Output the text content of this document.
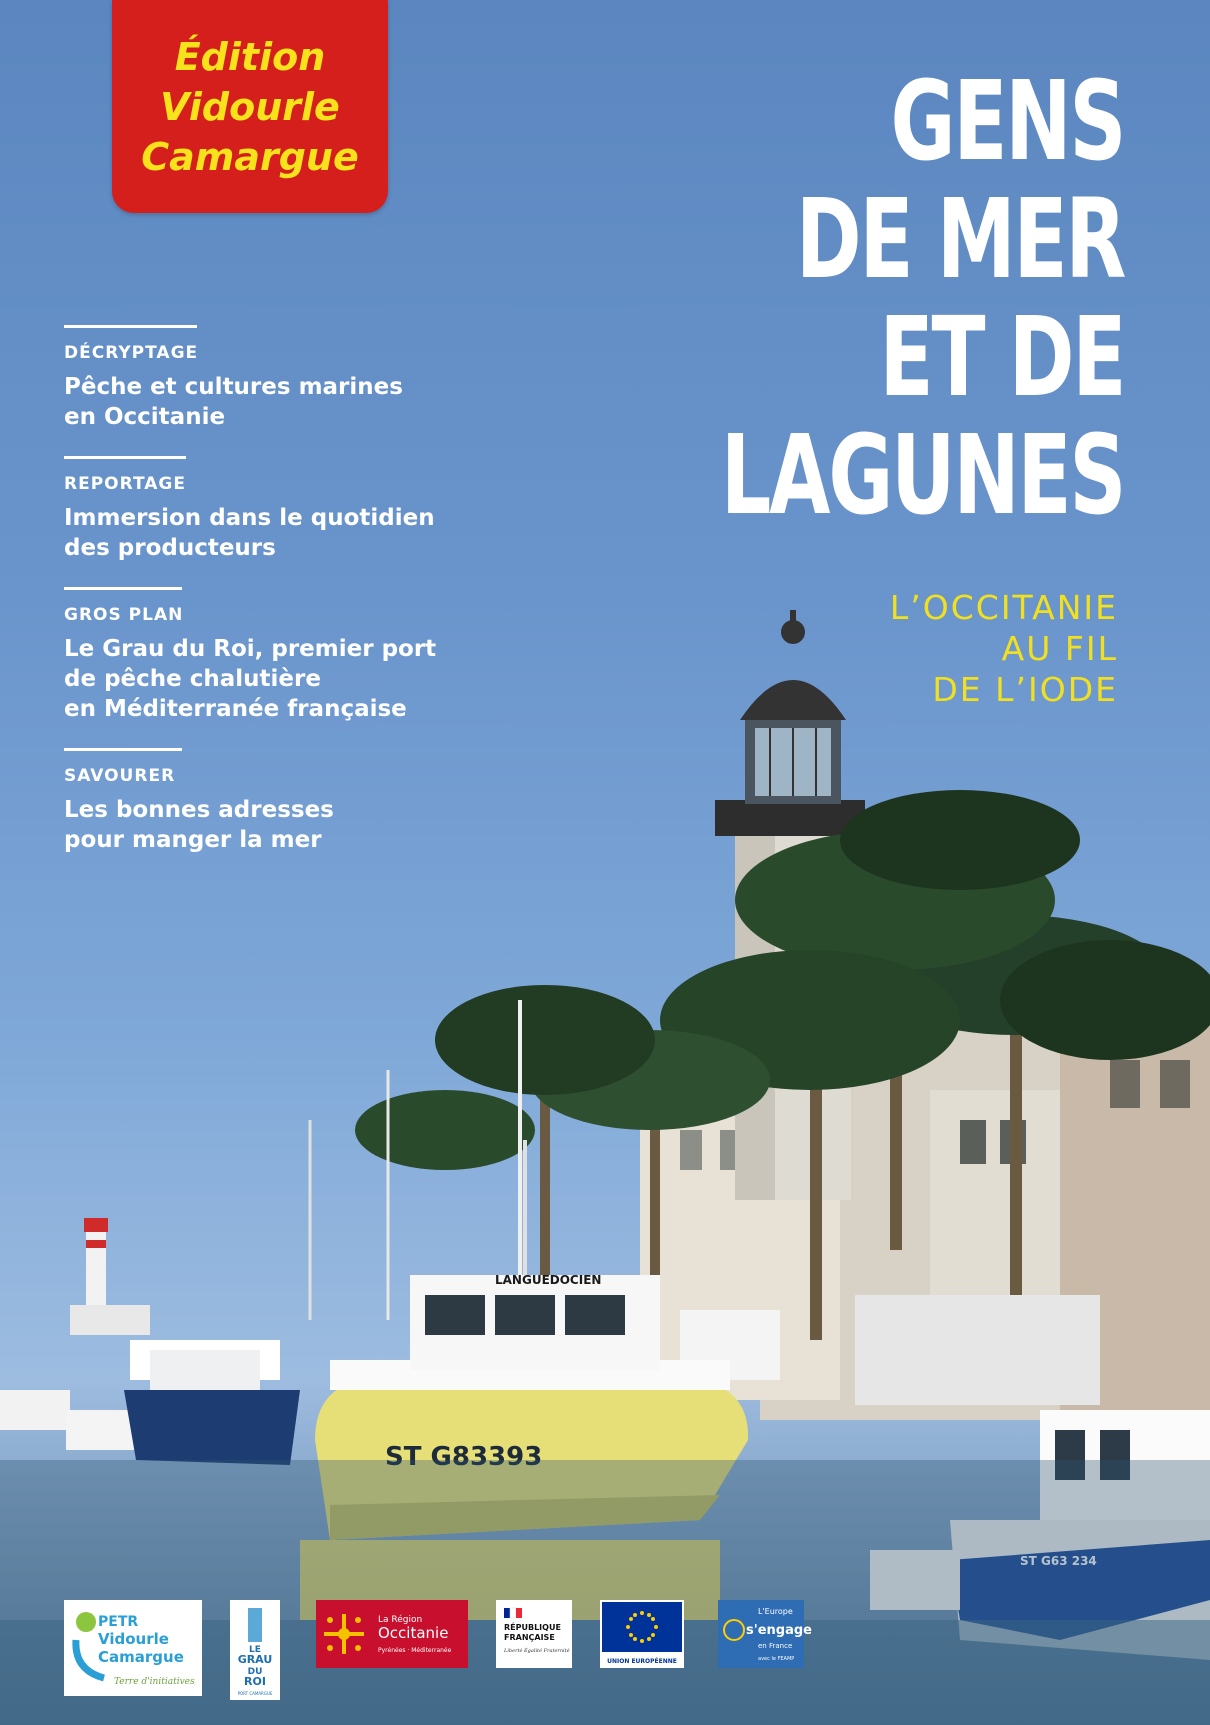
LANGUEDOCIEN
ST G83393
ST G63 234
Édition
Vidourle
Camargue	GENS
DE MER
ET DE
LAGUNES
L’OCCITANIE
AU FIL
DE L’IODE
DÉCRYPTAGE
Pêche et cultures marines
en Occitanie
REPORTAGE
Immersion dans le quotidien
des producteurs
GROS PLAN
Le Grau du Roi, premier port
de pêche chalutière
en Méditerranée française
SAVOURER
Les bonnes adresses
pour manger la mer
PETR
Vidourle
Camargue
Terre d'initiatives
LE
GRAU
DU
ROI
PORT CAMARGUE
La Région
Occitanie
Pyrénées · Méditerranée
RÉPUBLIQUE
FRANÇAISE
Liberté Égalité Fraternité
UNION EUROPÉENNE
L'Europe
s'engage
en France
avec le FEAMP
